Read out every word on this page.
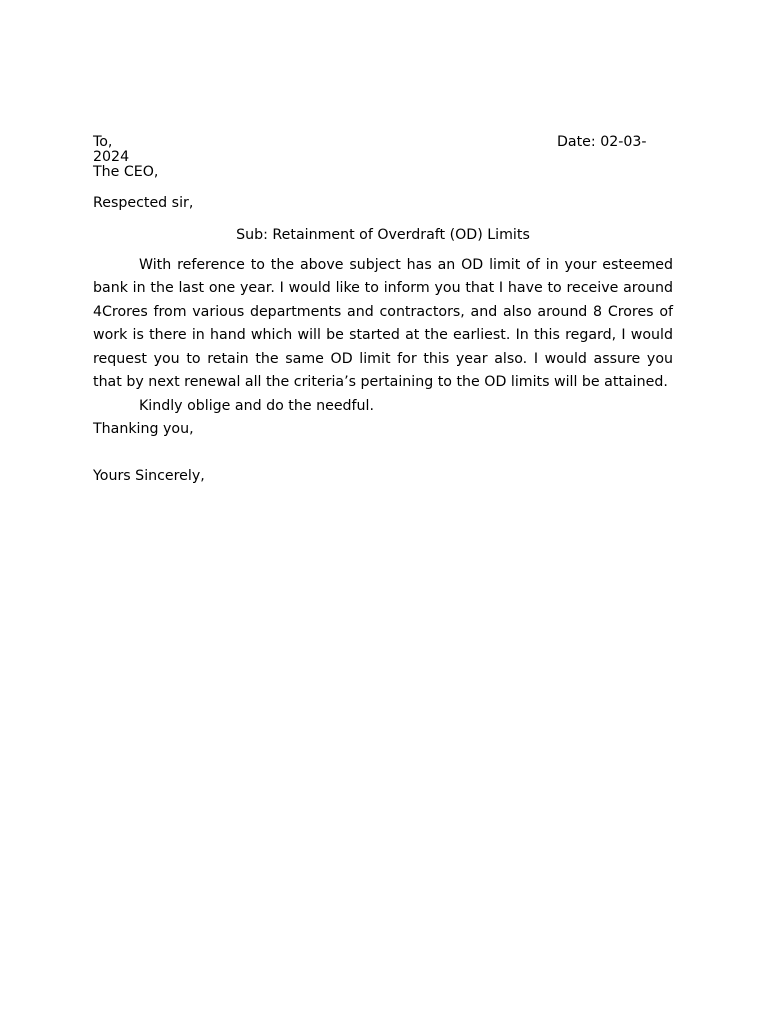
To,	Date: 02-03-
2024
The CEO,
Respected sir,
Sub: Retainment of Overdraft (OD) Limits

With reference to the above subject has an OD limit of in your esteemed bank in the last one year. I would like to inform you that I have to receive around 4Crores from various departments and contractors, and also around 8 Crores of work is there in hand which will be started at the earliest. In this regard, I would request you to retain the same OD limit for this year also. I would assure you that by next renewal all the criteria’s pertaining to the OD limits will be attained.

Kindly oblige and do the needful.

Thanking you,
Yours Sincerely,
